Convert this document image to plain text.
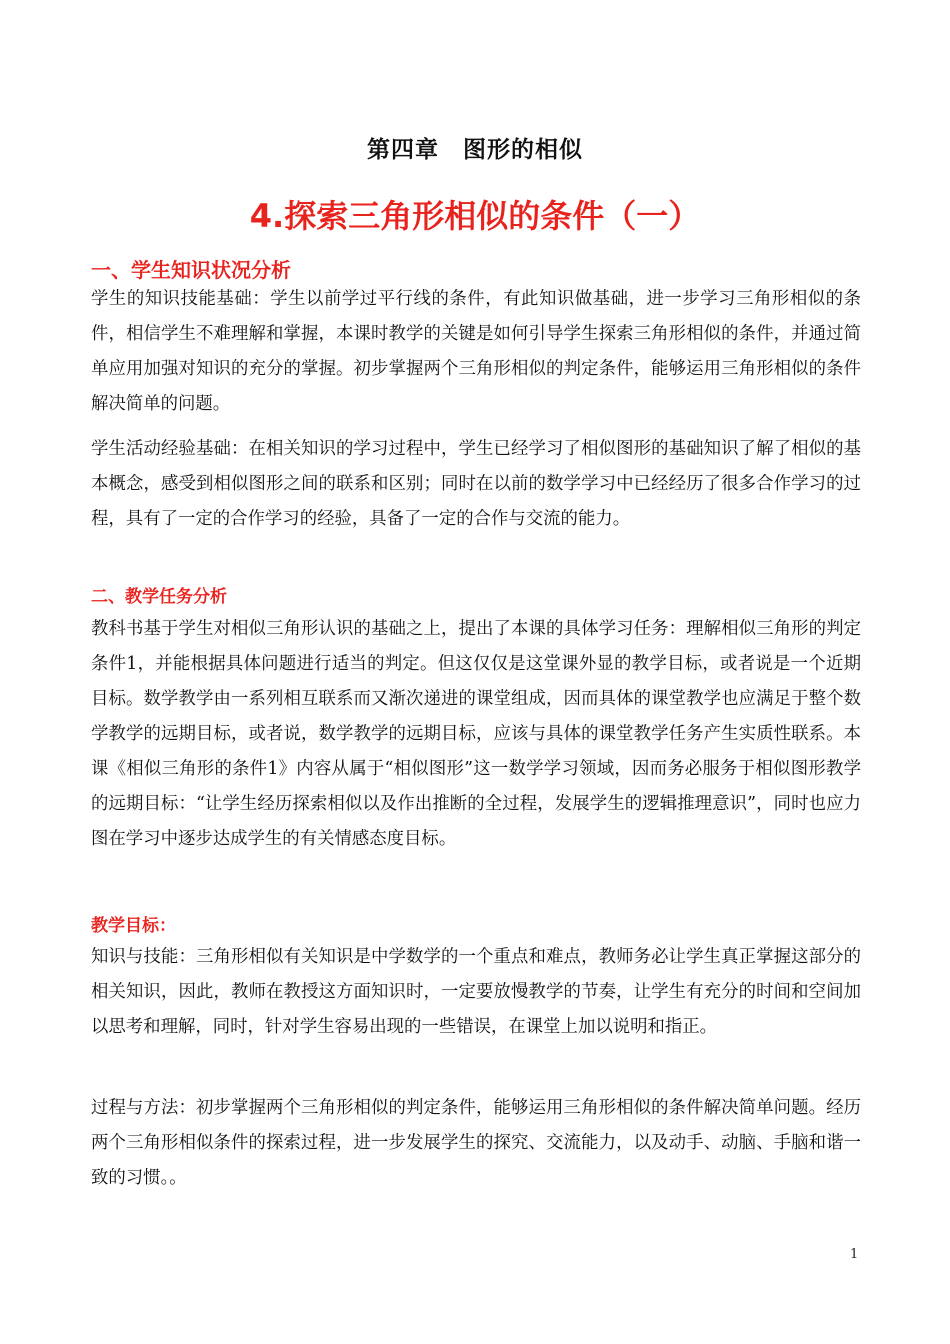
第四章　图形的相似
4.探索三角形相似的条件（一）
一、学生知识状况分析

学生的知识技能基础：学生以前学过平行线的条件，有此知识做基础，进一步学习三角形相似的条件，相信学生不难理解和掌握，本课时教学的关键是如何引导学生探索三角形相似的条件，并通过简单应用加强对知识的充分的掌握。初步掌握两个三角形相似的判定条件，能够运用三角形相似的条件解决简单的问题。

学生活动经验基础：在相关知识的学习过程中，学生已经学习了相似图形的基础知识了解了相似的基本概念，感受到相似图形之间的联系和区别；同时在以前的数学学习中已经经历了很多合作学习的过程，具有了一定的合作学习的经验，具备了一定的合作与交流的能力。

二、教学任务分析

教科书基于学生对相似三角形认识的基础之上，提出了本课的具体学习任务：理解相似三角形的判定条件1，并能根据具体问题进行适当的判定。但这仅仅是这堂课外显的教学目标，或者说是一个近期目标。数学教学由一系列相互联系而又渐次递进的课堂组成，因而具体的课堂教学也应满足于整个数学教学的远期目标，或者说，数学教学的远期目标，应该与具体的课堂教学任务产生实质性联系。本课《相似三角形的条件1》内容从属于“相似图形”这一数学学习领域，因而务必服务于相似图形教学的远期目标：“让学生经历探索相似以及作出推断的全过程，发展学生的逻辑推理意识”，同时也应力图在学习中逐步达成学生的有关情感态度目标。

教学目标：

知识与技能：三角形相似有关知识是中学数学的一个重点和难点，教师务必让学生真正掌握这部分的相关知识，因此，教师在教授这方面知识时，一定要放慢教学的节奏，让学生有充分的时间和空间加以思考和理解，同时，针对学生容易出现的一些错误，在课堂上加以说明和指正。

过程与方法：初步掌握两个三角形相似的判定条件，能够运用三角形相似的条件解决简单问题。经历两个三角形相似条件的探索过程，进一步发展学生的探究、交流能力，以及动手、动脑、手脑和谐一致的习惯。。

1
